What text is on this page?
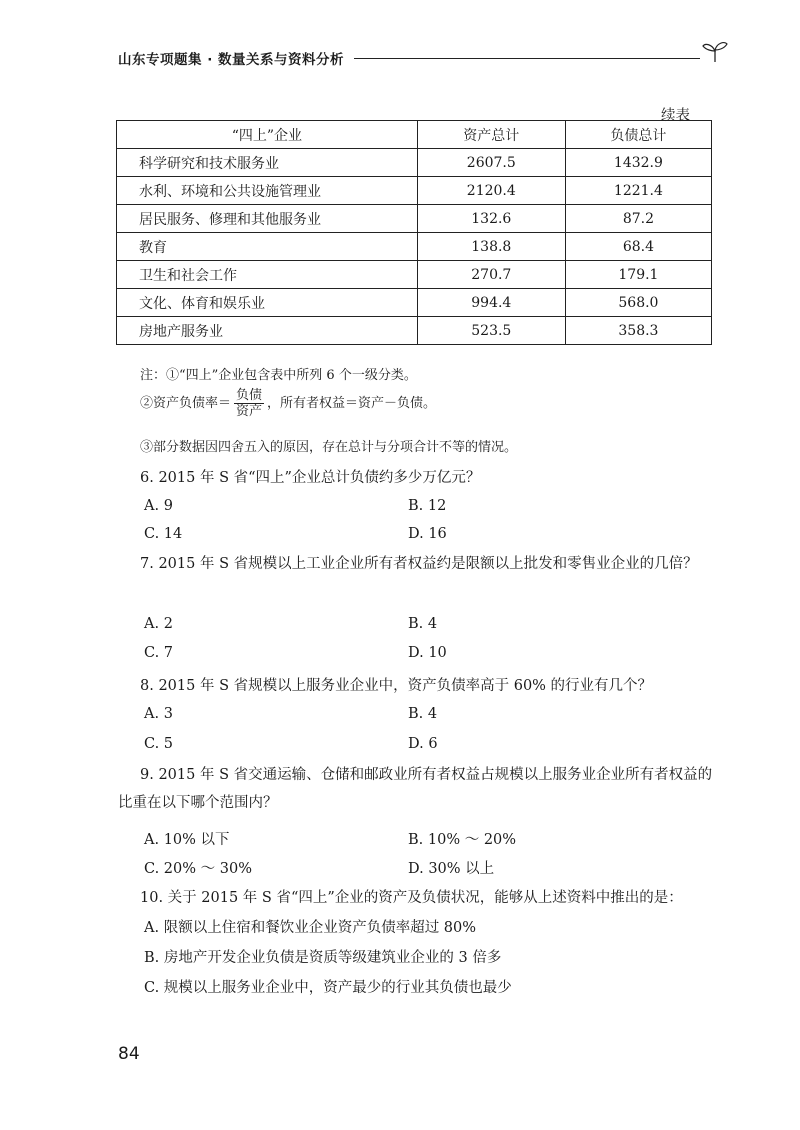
山东专项题集 · 数量关系与资料分析
续表
“四上”企业	资产总计	负债总计
科学研究和技术服务业	2607.5	1432.9
水利、环境和公共设施管理业	2120.4	1221.4
居民服务、修理和其他服务业	132.6	87.2
教育	138.8	68.4
卫生和社会工作	270.7	179.1
文化、体育和娱乐业	994.4	568.0
房地产服务业	523.5	358.3
注：①“四上”企业包含表中所列 6 个一级分类。
②资产负债率＝ $\frac{\text{负债}}{\text{资产}}$ ，所有者权益＝资产－负债。
③部分数据因四舍五入的原因，存在总计与分项合计不等的情况。
6. 2015 年 S 省“四上”企业总计负债约多少万亿元？
A. 9	B. 12
C. 14	D. 16
7. 2015 年 S 省规模以上工业企业所有者权益约是限额以上批发和零售业企业的几倍？
A. 2	B. 4
C. 7	D. 10
8. 2015 年 S 省规模以上服务业企业中，资产负债率高于 60% 的行业有几个？
A. 3	B. 4
C. 5	D. 6
9. 2015 年 S 省交通运输、仓储和邮政业所有者权益占规模以上服务业企业所有者权益的比重在以下哪个范围内？
A. 10% 以下	B. 10% ～ 20%
C. 20% ～ 30%	D. 30% 以上
10. 关于 2015 年 S 省“四上”企业的资产及负债状况，能够从上述资料中推出的是：
A. 限额以上住宿和餐饮业企业资产负债率超过 80%
B. 房地产开发企业负债是资质等级建筑业企业的 3 倍多
C. 规模以上服务业企业中，资产最少的行业其负债也最少
84
